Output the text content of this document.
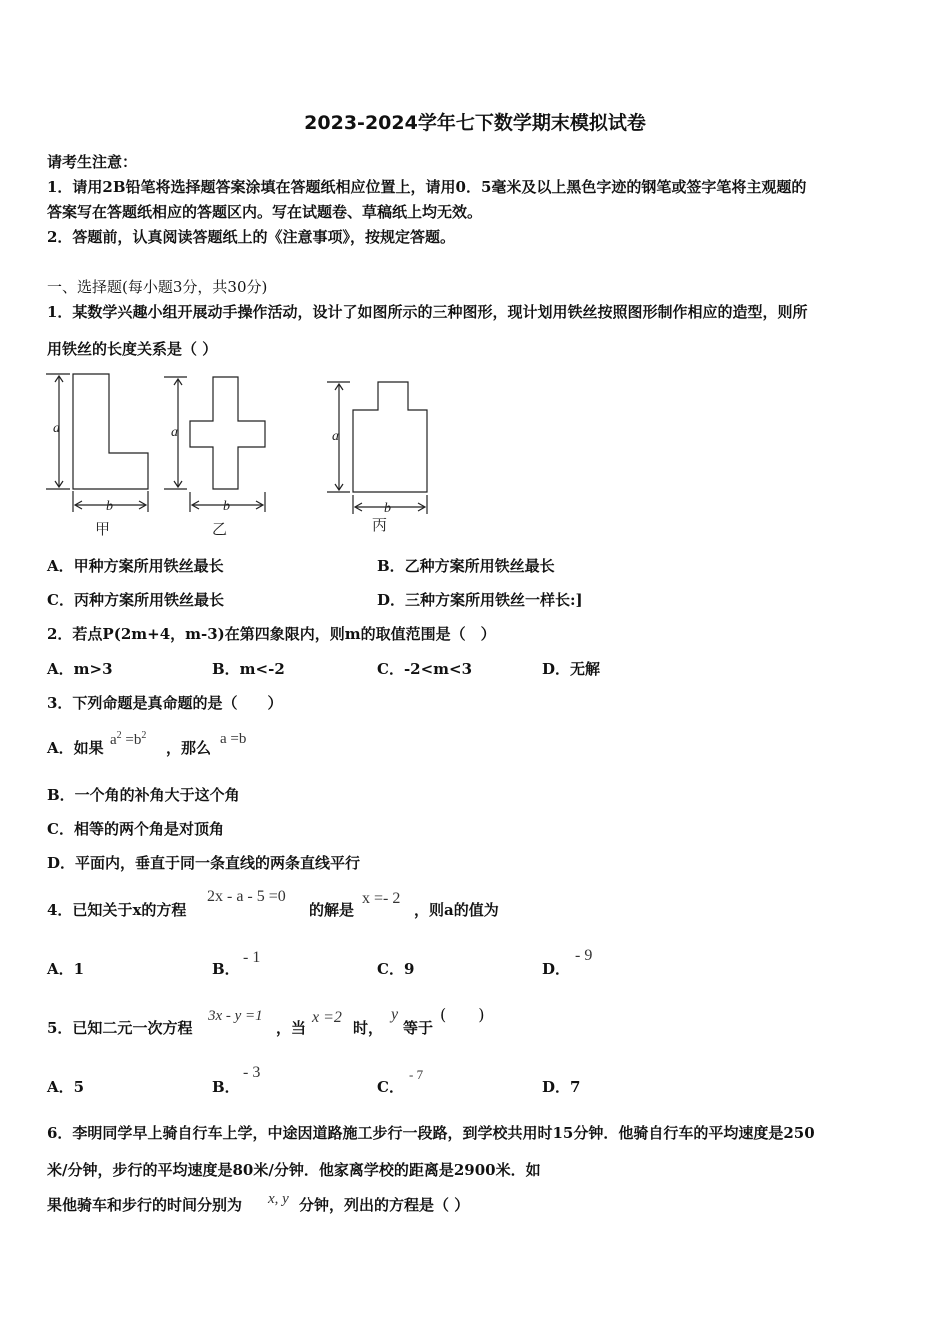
2023-2024学年七下数学期末模拟试卷
请考生注意：
1．请用2B铅笔将选择题答案涂填在答题纸相应位置上，请用0．5毫米及以上黑色字迹的钢笔或签字笔将主观题的
答案写在答题纸相应的答题区内。写在试题卷、草稿纸上均无效。
2．答题前，认真阅读答题纸上的《注意事项》，按规定答题。
一、选择题(每小题3分，共30分)
1．某数学兴趣小组开展动手操作活动，设计了如图所示的三种图形，现计划用铁丝按照图形制作相应的造型，则所
用铁丝的长度关系是（ ）
a
b
a
b
a
b
甲	乙	丙
A．甲种方案所用铁丝最长	B．乙种方案所用铁丝最长
C．丙种方案所用铁丝最长	D．三种方案所用铁丝一样长:]
2．若点P(2m+4，m-3)在第四象限内，则m的取值范围是（　）
A．m>3	B．m<-2	C．-2<m<3	D．无解
3．下列命题是真命题的是（　　）
A．如果 $a^2 =b^2$
，那么 a =b
B．一个角的补角大于这个角
C．相等的两个角是对顶角
D．平面内，垂直于同一条直线的两条直线平行
4．已知关于x的方程
2x - a - 5 =0
的解是
x =- 2
，则a的值为
A．1	B．
- 1
C．9	D．
- 9
5．已知二元一次方程
3x - y =1
，当
x =2
时，
y
等于
(　　)
A．5	B．
- 3
C．
- 7
D．7
6．李明同学早上骑自行车上学，中途因道路施工步行一段路，到学校共用时15分钟．他骑自行车的平均速度是250
米/分钟，步行的平均速度是80米/分钟．他家离学校的距离是2900米．如
果他骑车和步行的时间分别为 x, y 分钟，列出的方程是（ ）
